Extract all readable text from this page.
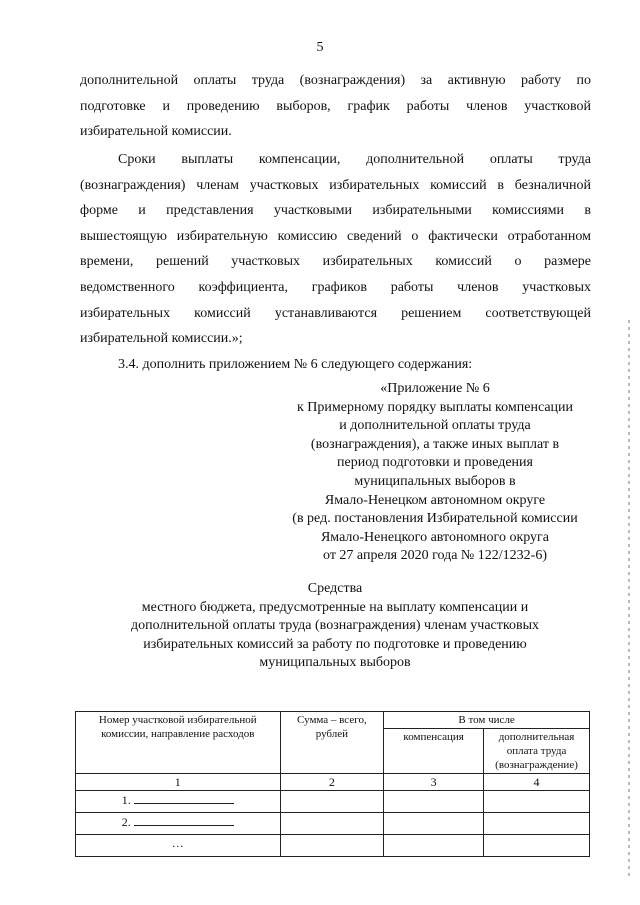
5
дополнительной оплаты труда (вознаграждения) за активную работу по
подготовке и проведению выборов, график работы членов участковой
избирательной комиссии.
Сроки выплаты компенсации, дополнительной оплаты труда
(вознаграждения) членам участковых избирательных комиссий в безналичной
форме и представления участковыми избирательными комиссиями в
вышестоящую избирательную комиссию сведений о фактически отработанном
времени, решений участковых избирательных комиссий о размере
ведомственного коэффициента, графиков работы членов участковых
избирательных комиссий устанавливаются решением соответствующей
избирательной комиссии.»;
3.4. дополнить приложением № 6 следующего содержания:
«Приложение № 6
к Примерному порядку выплаты компенсации
и дополнительной оплаты труда
(вознаграждения), а также иных выплат в
период подготовки и проведения
муниципальных выборов в
Ямало-Ненецком автономном округе
(в ред. постановления Избирательной комиссии
Ямало-Ненецкого автономного округа
от 27 апреля 2020 года № 122/1232-6)
Средства
местного бюджета, предусмотренные на выплату компенсации и
дополнительной оплаты труда (вознаграждения) членам участковых
избирательных комиссий за работу по подготовке и проведению
муниципальных выборов
Номер участковой избирательной комиссии, направление расходов	Сумма – всего, рублей	В том числе	
		компенсация	дополнительная оплата труда (вознаграждение)
1	2	3	4
1.			
2.			
…			
